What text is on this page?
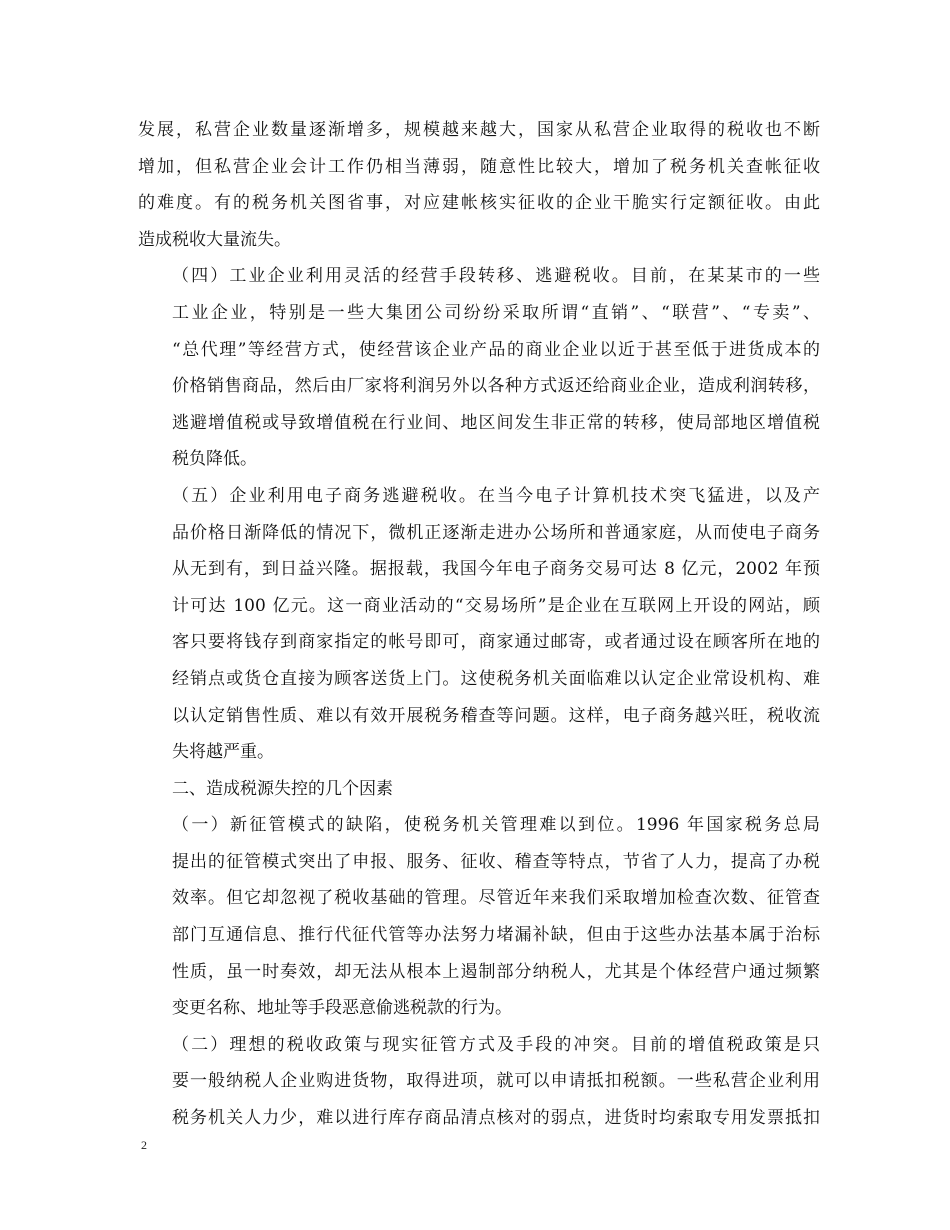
发展，私营企业数量逐渐增多，规模越来越大，国家从私营企业取得的税收也不断
增加，但私营企业会计工作仍相当薄弱，随意性比较大，增加了税务机关查帐征收
的难度。有的税务机关图省事，对应建帐核实征收的企业干脆实行定额征收。由此
造成税收大量流失。

（四）工业企业利用灵活的经营手段转移、逃避税收。目前，在某某市的一些
工业企业，特别是一些大集团公司纷纷采取所谓“直销”、“联营”、“专卖”、
“总代理”等经营方式，使经营该企业产品的商业企业以近于甚至低于进货成本的
价格销售商品，然后由厂家将利润另外以各种方式返还给商业企业，造成利润转移，
逃避增值税或导致增值税在行业间、地区间发生非正常的转移，使局部地区增值税
税负降低。

（五）企业利用电子商务逃避税收。在当今电子计算机技术突飞猛进，以及产
品价格日渐降低的情况下，微机正逐渐走进办公场所和普通家庭，从而使电子商务
从无到有，到日益兴隆。据报载，我国今年电子商务交易可达 8 亿元，2002 年预
计可达 100 亿元。这一商业活动的“交易场所”是企业在互联网上开设的网站，顾
客只要将钱存到商家指定的帐号即可，商家通过邮寄，或者通过设在顾客所在地的
经销点或货仓直接为顾客送货上门。这使税务机关面临难以认定企业常设机构、难
以认定销售性质、难以有效开展税务稽查等问题。这样，电子商务越兴旺，税收流
失将越严重。

二、造成税源失控的几个因素

（一）新征管模式的缺陷，使税务机关管理难以到位。1996 年国家税务总局
提出的征管模式突出了申报、服务、征收、稽查等特点，节省了人力，提高了办税
效率。但它却忽视了税收基础的管理。尽管近年来我们采取增加检查次数、征管查
部门互通信息、推行代征代管等办法努力堵漏补缺，但由于这些办法基本属于治标
性质，虽一时奏效，却无法从根本上遏制部分纳税人，尤其是个体经营户通过频繁
变更名称、地址等手段恶意偷逃税款的行为。

（二）理想的税收政策与现实征管方式及手段的冲突。目前的增值税政策是只
要一般纳税人企业购进货物，取得进项，就可以申请抵扣税额。一些私营企业利用
税务机关人力少，难以进行库存商品清点核对的弱点，进货时均索取专用发票抵扣

2
